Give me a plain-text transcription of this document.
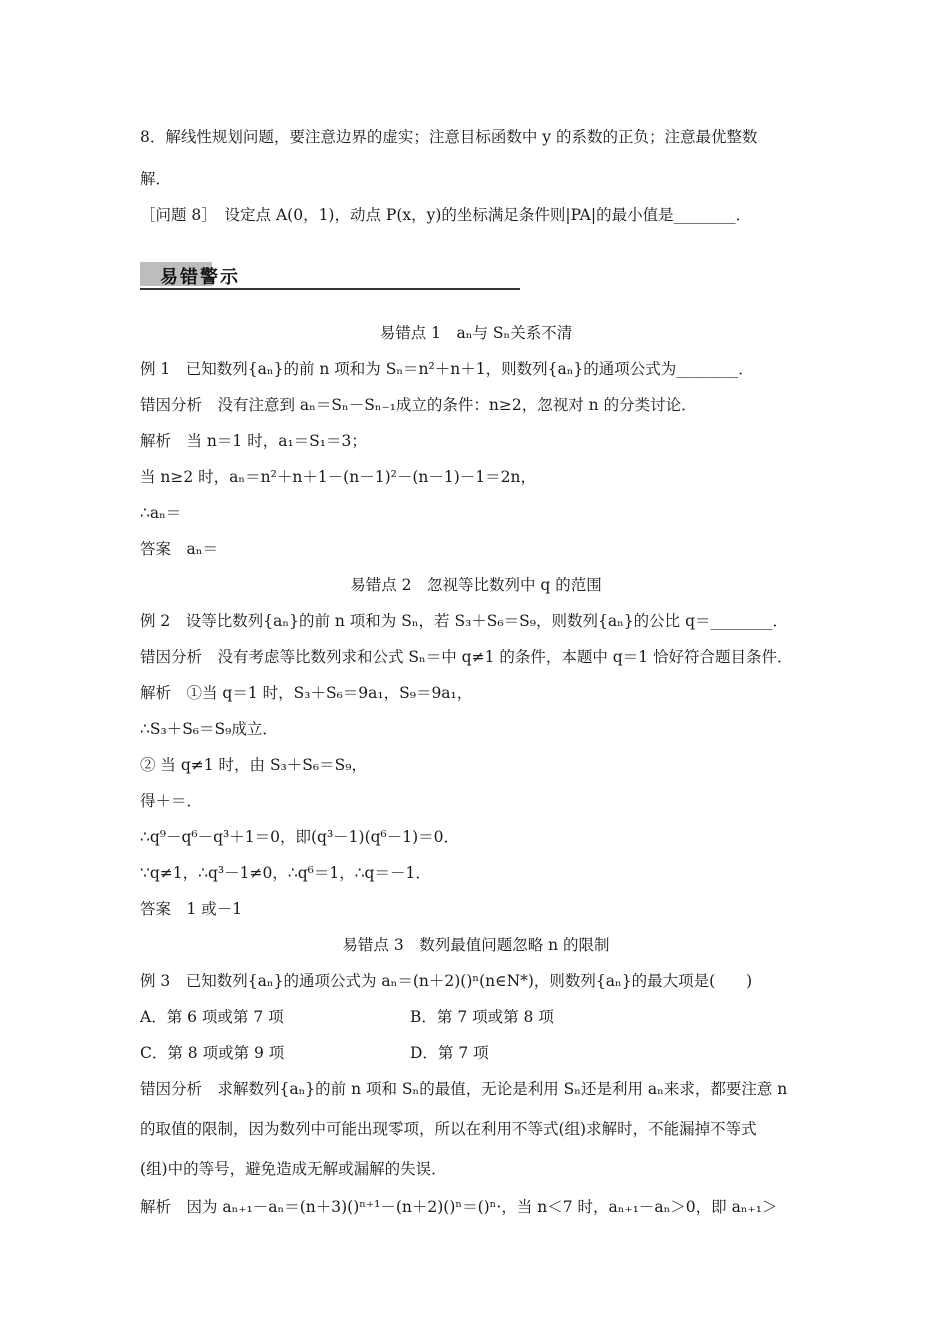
8．解线性规划问题，要注意边界的虚实；注意目标函数中 y 的系数的正负；注意最优整数
解．
［问题 8］　设定点 A(0，1)，动点 P(x，y)的坐标满足条件则|PA|的最小值是________．
易错警示
易错点 1　aₙ与 Sₙ关系不清
例 1　已知数列{aₙ}的前 n 项和为 Sₙ＝n²＋n＋1，则数列{aₙ}的通项公式为________．
错因分析　没有注意到 aₙ＝Sₙ－Sₙ₋₁成立的条件：n≥2，忽视对 n 的分类讨论．
解析　当 n＝1 时，a₁＝S₁＝3；
当 n≥2 时，aₙ＝n²＋n＋1－(n－1)²－(n－1)－1＝2n，
∴aₙ＝
答案　aₙ＝
易错点 2　忽视等比数列中 q 的范围
例 2　设等比数列{aₙ}的前 n 项和为 Sₙ，若 S₃＋S₆＝S₉，则数列{aₙ}的公比 q＝________．
错因分析　没有考虑等比数列求和公式 Sₙ＝中 q≠1 的条件，本题中 q＝1 恰好符合题目条件．
解析　①当 q＝1 时，S₃＋S₆＝9a₁，S₉＝9a₁，
∴S₃＋S₆＝S₉成立．
② 当 q≠1 时，由 S₃＋S₆＝S₉，
得＋＝．
∴q⁹－q⁶－q³＋1＝0，即(q³－1)(q⁶－1)＝0．
∵q≠1，∴q³－1≠0，∴q⁶＝1，∴q＝－1．
答案　1 或－1
易错点 3　数列最值问题忽略 n 的限制
例 3　已知数列{aₙ}的通项公式为 aₙ＝(n＋2)()ⁿ(n∈N*)，则数列{aₙ}的最大项是(　　)
A．第 6 项或第 7 项	B．第 7 项或第 8 项
C．第 8 项或第 9 项	D．第 7 项
错因分析　求解数列{aₙ}的前 n 项和 Sₙ的最值，无论是利用 Sₙ还是利用 aₙ来求，都要注意 n
的取值的限制，因为数列中可能出现零项，所以在利用不等式(组)求解时，不能漏掉不等式
(组)中的等号，避免造成无解或漏解的失误．
解析　因为 aₙ₊₁－aₙ＝(n＋3)()ⁿ⁺¹－(n＋2)()ⁿ＝()ⁿ·，当 n＜7 时，aₙ₊₁－aₙ＞0，即 aₙ₊₁＞
